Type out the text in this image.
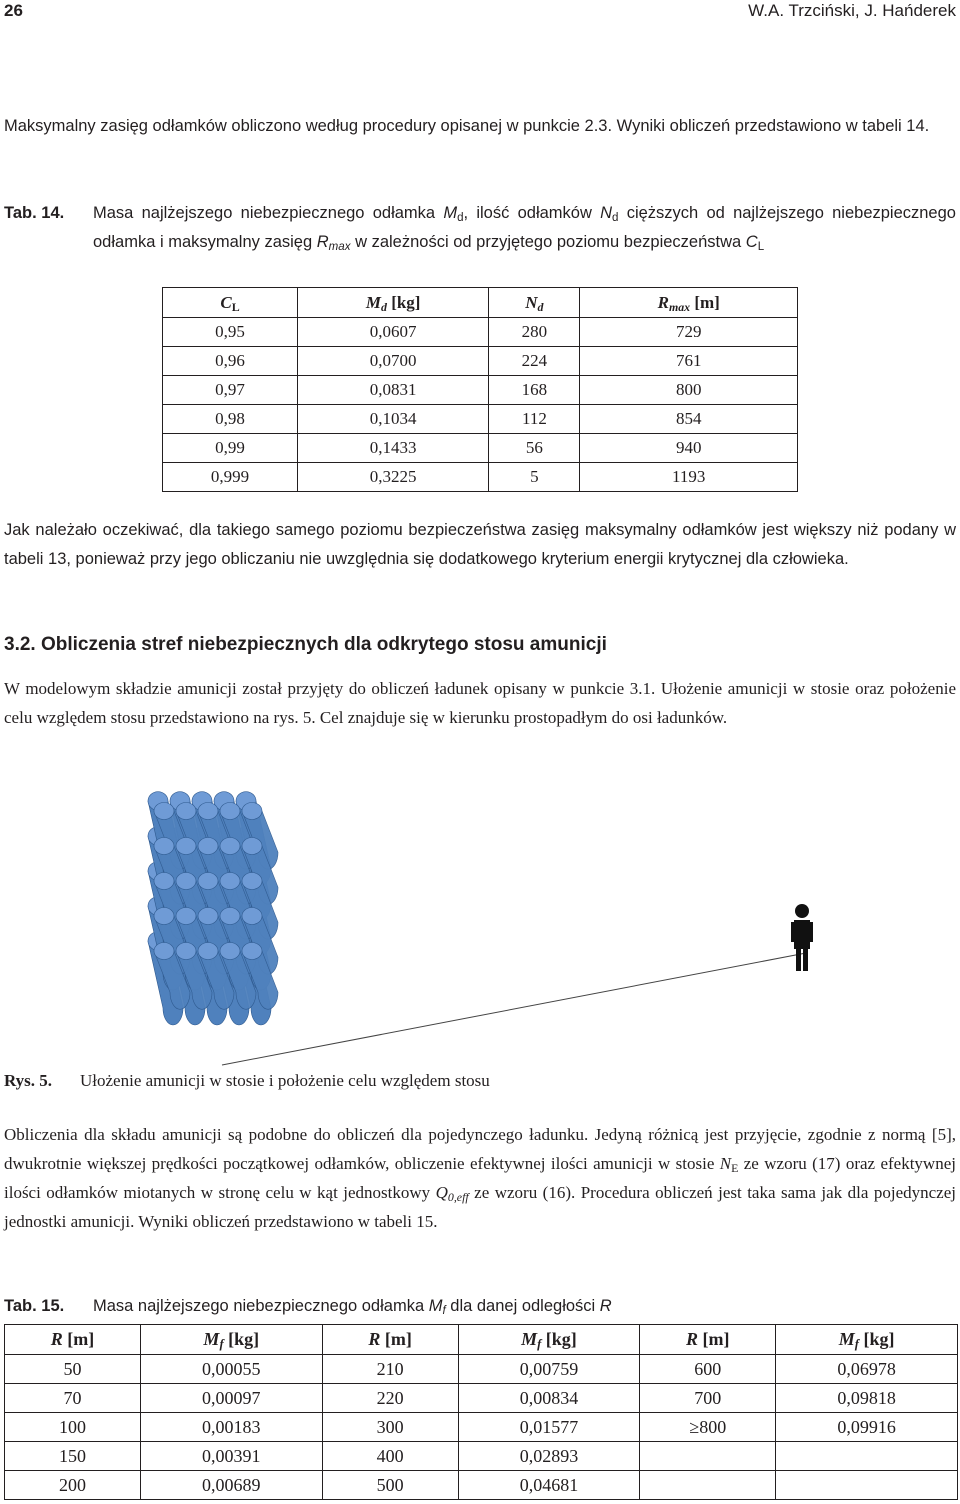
26	W.A. Trzciński, J. Hańderek
Maksymalny zasięg odłamków obliczono według procedury opisanej w punkcie 2.3. Wyniki obliczeń przedstawiono w tabeli 14.
Tab. 14. Masa najlżejszego niebezpiecznego odłamka $M_d$, ilość odłamków $N_d$ cięższych od najlżejszego niebezpiecznego odłamka i maksymalny zasięg $R_{max}$ w zależności od przyjętego poziomu bezpieczeństwa $C_L$
$C_L$	$M_d$ [kg]	$N_d$	$R_{max}$ [m]
0,95	0,0607	280	729
0,96	0,0700	224	761
0,97	0,0831	168	800
0,98	0,1034	112	854
0,99	0,1433	56	940
0,999	0,3225	5	1193
Jak należało oczekiwać, dla takiego samego poziomu bezpieczeństwa zasięg maksymalny odłamków jest większy niż podany w tabeli 13, ponieważ przy jego obliczaniu nie uwzględnia się dodatkowego kryterium energii krytycznej dla człowieka.
3.2. Obliczenia stref niebezpiecznych dla odkrytego stosu amunicji
W modelowym składzie amunicji został przyjęty do obliczeń ładunek opisany w punkcie 3.1. Ułożenie amunicji w stosie oraz położenie celu względem stosu przedstawiono na rys. 5. Cel znajduje się w kierunku prostopadłym do osi ładunków.
Rys. 5. Ułożenie amunicji w stosie i położenie celu względem stosu
Obliczenia dla składu amunicji są podobne do obliczeń dla pojedynczego ładunku. Jedyną różnicą jest przyjęcie, zgodnie z normą [5], dwukrotnie większej prędkości początkowej odłamków, obliczenie efektywnej ilości amunicji w stosie $N_E$ ze wzoru (17) oraz efektywnej ilości odłamków miotanych w stronę celu w kąt jednostkowy $Q_{0,eff}$ ze wzoru (16). Procedura obliczeń jest taka sama jak dla pojedynczej jednostki amunicji. Wyniki obliczeń przedstawiono w tabeli 15.
Tab. 15. Masa najlżejszego niebezpiecznego odłamka $M_f$ dla danej odległości R
R [m]	$M_f$ [kg]	R [m]	$M_f$ [kg]	R [m]	$M_f$ [kg]
50	0,00055	210	0,00759	600	0,06978
70	0,00097	220	0,00834	700	0,09818
100	0,00183	300	0,01577	≥800	0,09916
150	0,00391	400	0,02893		
200	0,00689	500	0,04681		
